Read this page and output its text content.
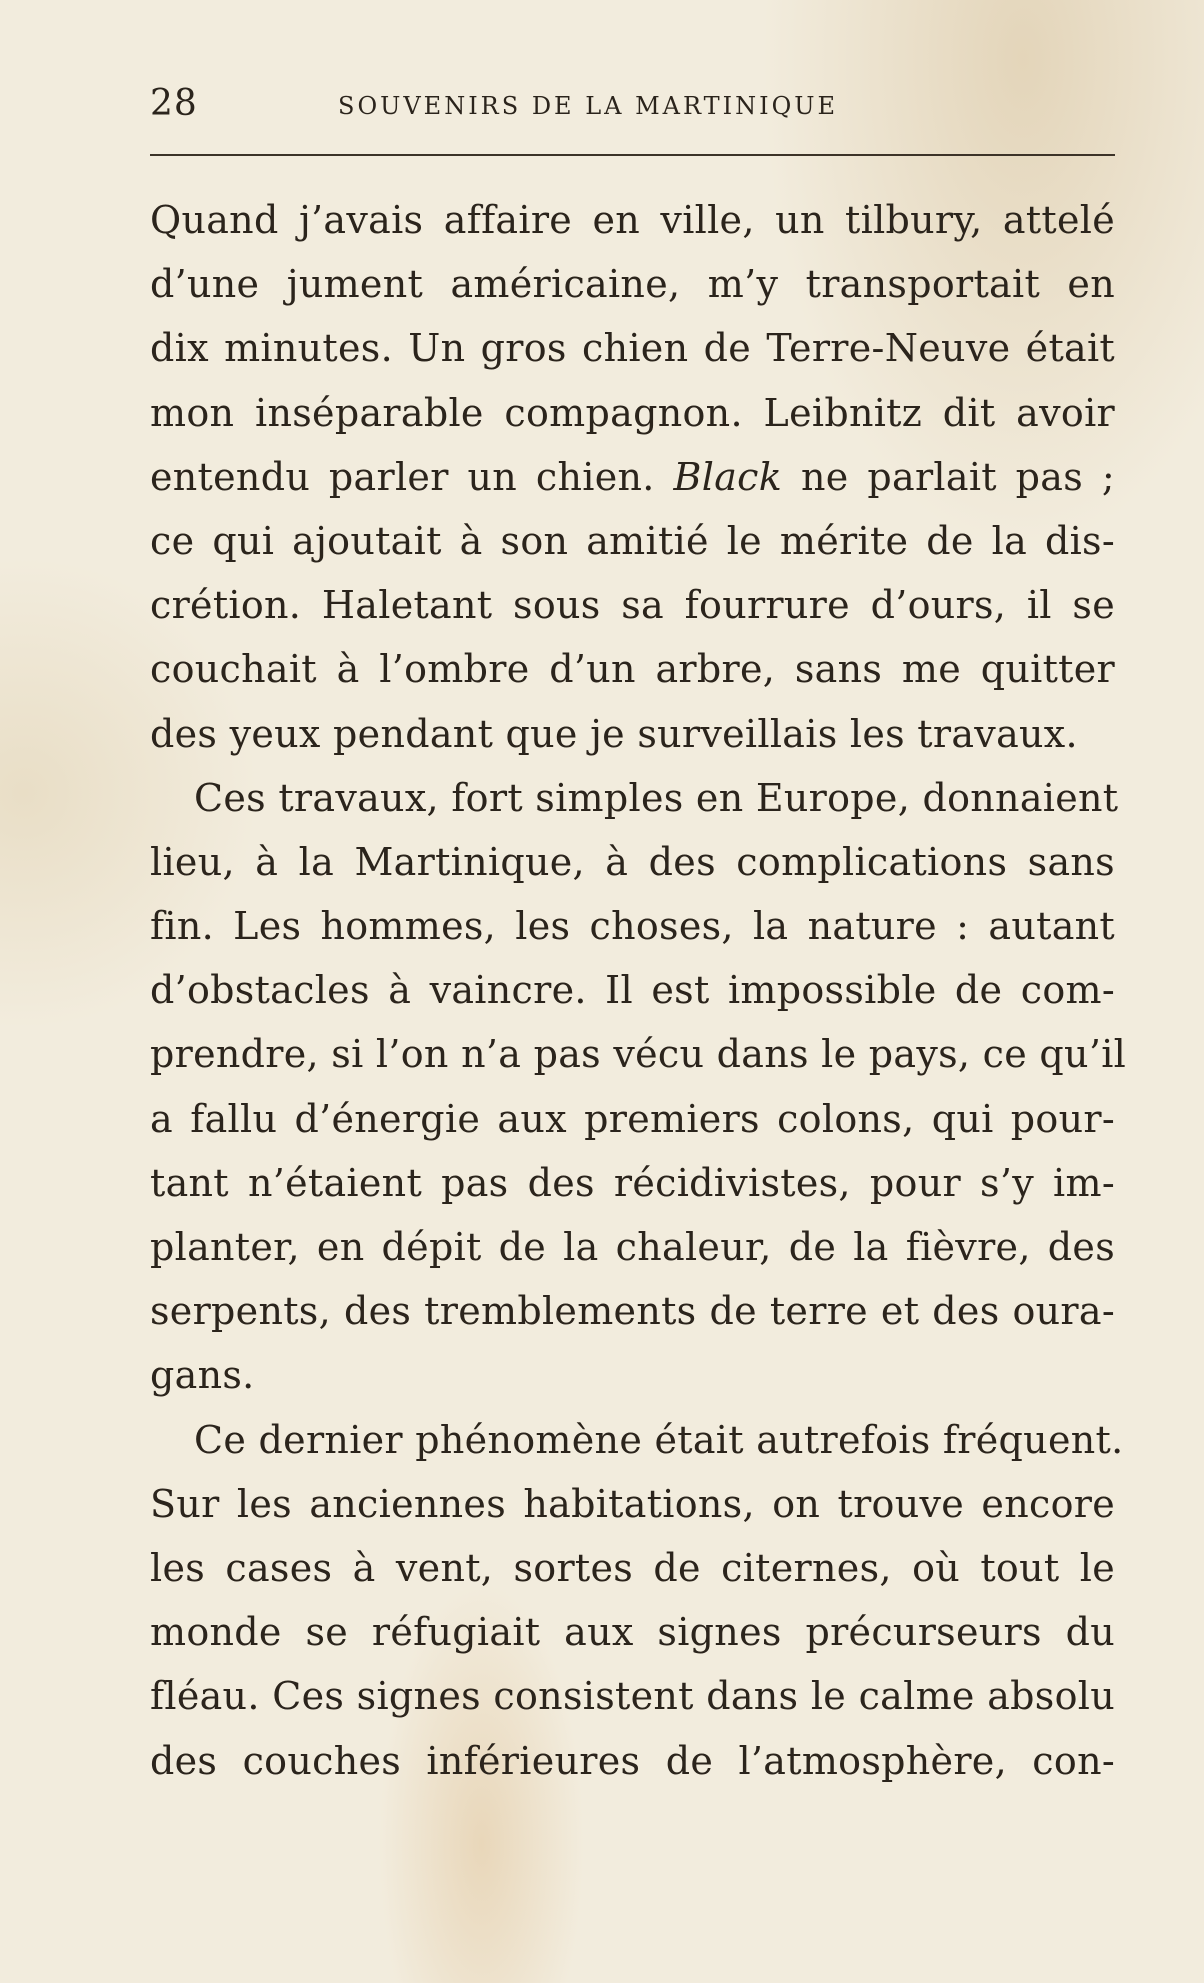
28	SOUVENIRS DE LA MARTINIQUE
Quand j’avais affaire en ville, un tilbury, attelé
d’une jument américaine, m’y transportait en
dix minutes. Un gros chien de Terre-Neuve était
mon inséparable compagnon. Leibnitz dit avoir
entendu parler un chien. Black ne parlait pas ;
ce qui ajoutait à son amitié le mérite de la dis-
crétion. Haletant sous sa fourrure d’ours, il se
couchait à l’ombre d’un arbre, sans me quitter
des yeux pendant que je surveillais les travaux.
Ces travaux, fort simples en Europe, donnaient
lieu, à la Martinique, à des complications sans
fin. Les hommes, les choses, la nature : autant
d’obstacles à vaincre. Il est impossible de com-
prendre, si l’on n’a pas vécu dans le pays, ce qu’il
a fallu d’énergie aux premiers colons, qui pour-
tant n’étaient pas des récidivistes, pour s’y im-
planter, en dépit de la chaleur, de la fièvre, des
serpents, des tremblements de terre et des oura-
gans.
Ce dernier phénomène était autrefois fréquent.
Sur les anciennes habitations, on trouve encore
les cases à vent, sortes de citernes, où tout le
monde se réfugiait aux signes précurseurs du
fléau. Ces signes consistent dans le calme absolu
des couches inférieures de l’atmosphère, con-
